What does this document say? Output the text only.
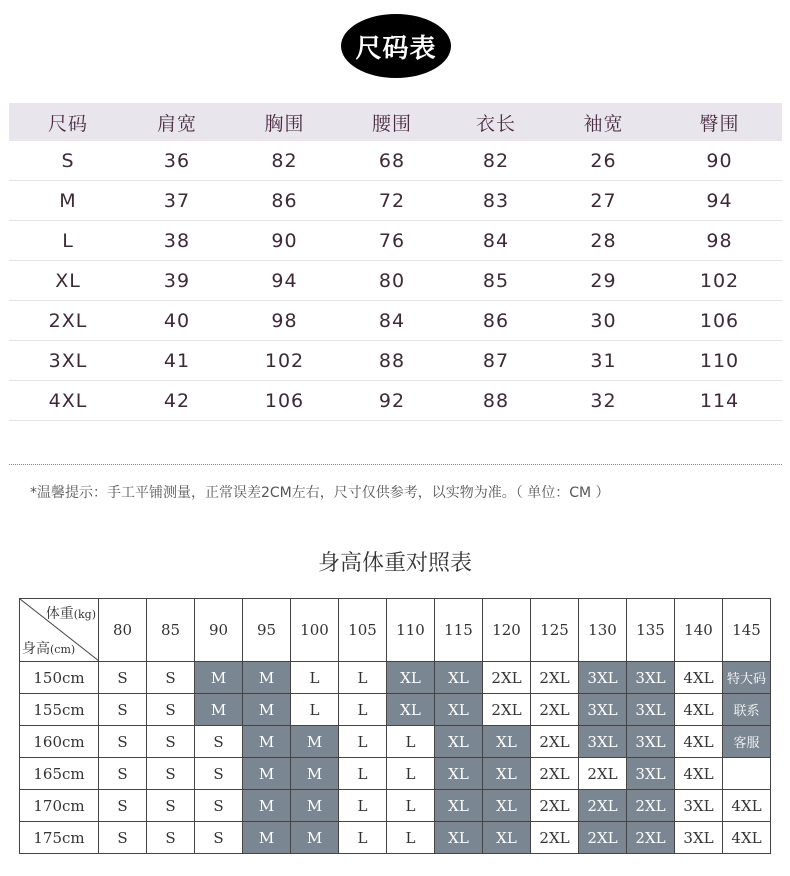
尺码表
尺码	肩宽	胸围	腰围	衣长	袖宽	臀围
S	36	82	68	82	26	90
M	37	86	72	83	27	94
L	38	90	76	84	28	98
XL	39	94	80	85	29	102
2XL	40	98	84	86	30	106
3XL	41	102	88	87	31	110
4XL	42	106	92	88	32	114
*温馨提示：手工平铺测量，正常误差2CM左右，尺寸仅供参考，以实物为准。（ 单位：CM ）
身高体重对照表
体重(kg)
身高(cm)	80	85	90	95	100	105	110	115	120	125	130	135	140	145
150cm	S	S	M	M	L	L	XL	XL	2XL	2XL	3XL	3XL	4XL	特大码
155cm	S	S	M	M	L	L	XL	XL	2XL	2XL	3XL	3XL	4XL	联系
160cm	S	S	S	M	M	L	L	XL	XL	2XL	3XL	3XL	4XL	客服
165cm	S	S	S	M	M	L	L	XL	XL	2XL	2XL	3XL	4XL	
170cm	S	S	S	M	M	L	L	XL	XL	2XL	2XL	2XL	3XL	4XL
175cm	S	S	S	M	M	L	L	XL	XL	2XL	2XL	2XL	3XL	4XL
